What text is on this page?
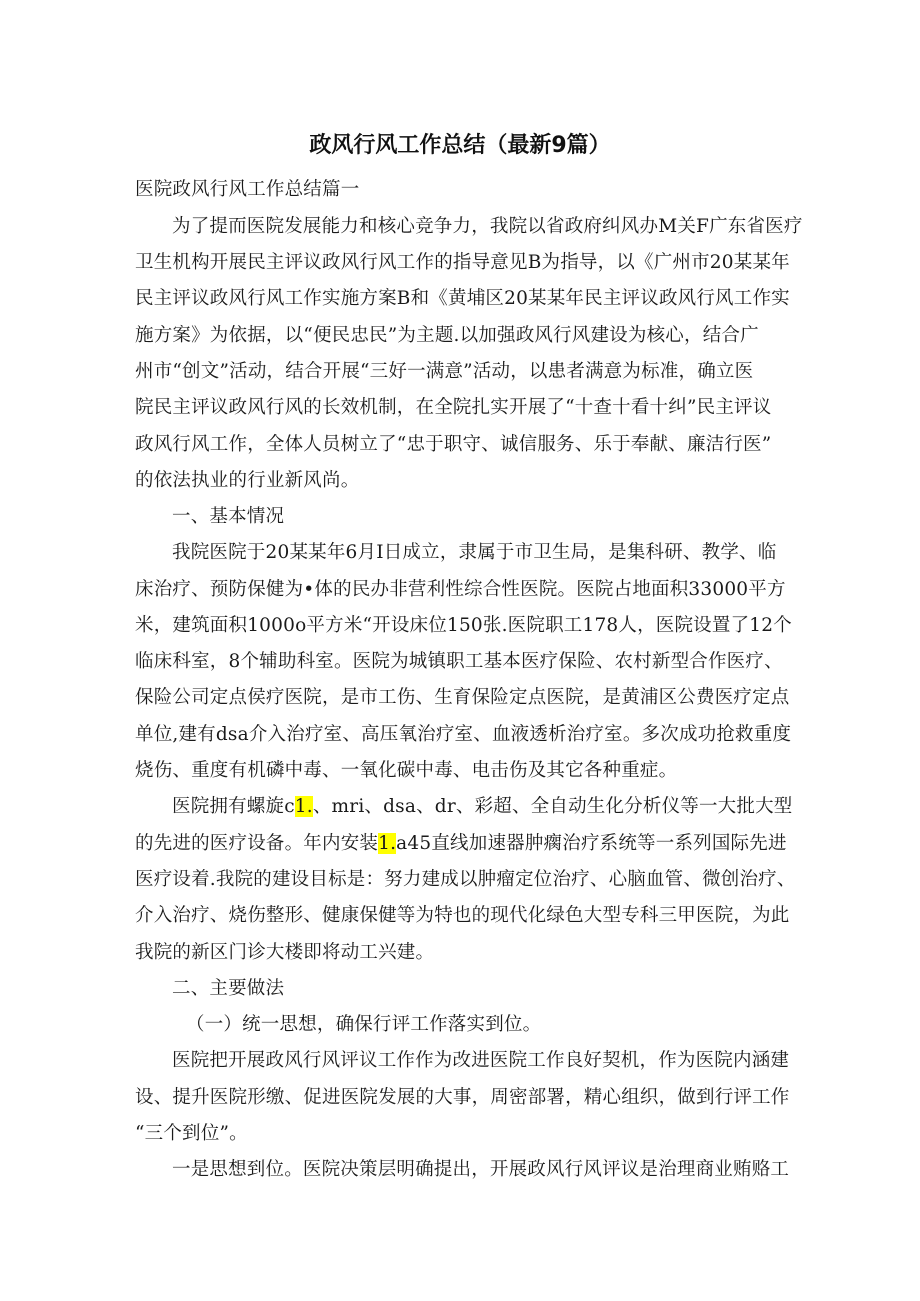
政风行风工作总结（最新9篇）
医院政风行风工作总结篇一
为了提而医院发展能力和核心竞争力，我院以省政府纠风办M关F广东省医疗
卫生机构开展民主评议政风行风工作的指导意见B为指导，以《广州市20某某年
民主评议政风行风工作实施方案B和《黄埔区20某某年民主评议政风行风工作实
施方案》为依据，以“便民忠民”为主题.以加强政风行风建设为核心，结合广
州市“创文”活动，结合开展“三好一满意”活动，以患者满意为标准，确立医
院民主评议政风行风的长效机制，在全院扎实开展了“十查十看十纠”民主评议
政风行风工作，全体人员树立了“忠于职守、诚信服务、乐于奉献、廉洁行医”
的依法执业的行业新风尚。
一、基本情况
我院医院于20某某年6月I日成立，隶属于市卫生局，是集科研、教学、临
床治疗、预防保健为•体的民办非营利性综合性医院。医院占地面积33000平方
米，建筑面积1000o平方米“开设床位150张.医院职工178人，医院设置了12个
临床科室，8个辅助科室。医院为城镇职工基本医疗保险、农村新型合作医疗、
保险公司定点侯疗医院，是市工伤、生育保险定点医院，是黄浦区公费医疗定点
单位,建有dsa介入治疗室、高压氧治疗室、血液透析治疗室。多次成功抢救重度
烧伤、重度有机磷中毒、一氧化碳中毒、电击伤及其它各种重症。
医院拥有螺旋c1.、mri、dsa、dr、彩超、全自动生化分析仪等一大批大型
的先进的医疗设备。年内安装1.a45直线加速器肿瘸治疗系统等一系列国际先进
医疗设着.我院的建设目标是：努力建成以肿瘤定位治疗、心脑血管、微创治疗、
介入治疗、烧伤整形、健康保健等为特也的现代化绿色大型专科三甲医院，为此
我院的新区门诊大楼即将动工兴建。
二、主要做法
（一）统一思想，确保行评工作落实到位。
医院把开展政风行风评议工作作为改进医院工作良好契机，作为医院内涵建
设、提升医院形缴、促进医院发展的大事，周密部署，精心组织，做到行评工作
“三个到位”。
一是思想到位。医院决策层明确提出，开展政风行风评议是治理商业贿赂工
